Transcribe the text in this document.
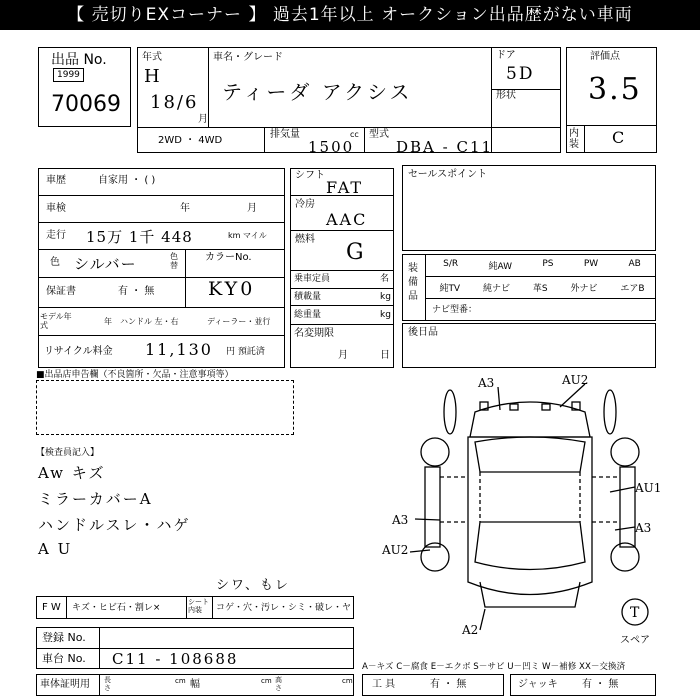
【 売切りEXコーナー 】 過去1年以上 オークション出品歴がない車両
出品 No.
1999
70069
年式
H
18/6
月
車名・グレード
ティーダ アクシス
ドア
5D
形状
2WD ・ 4WD
排気量	cc
1500
型式
DBA - C11
評価点
3.5
内装 C
車歴	自家用 ・ ( )
車検	年	月
走行 15万 1千 448	km マイル
色 シルバー	色替
カラーNo.
KY0
保証書	有 ・ 無
モデル年式	年 ハンドル 左・右	ディーラー・並行
リサイクル料金 11,130 円 預託済
シフト
FAT
冷房
AAC
燃料
G
乗車定員	名
積載量	kg
総重量	kg
名変期限
月	日
セールスポイント
装備品
S/R	純AW	PS	PW	AB
純TV	純ナビ	革S	外ナビ	エアB
ナビ型番：
後日品
■出品店申告欄（不良箇所・欠品・注意事項等）
【検査員記入】
Aw キズ
ミラーカバーA
ハンドルスレ・ハゲ
A U
A3	AU2
AU1
A3
A3
AU2
A2
T
スペア
シワ、もレ
F W キズ・ヒビ石・割レ×
シート内装	コゲ・穴・汚レ・シミ・破レ・ヤ
登録 No.
車台 No. C11 - 108688
車体証明用 長さ
cm 幅	cm 高さ
cm
A－キズ C－腐食 E－エクボ S－サビ U－凹ミ W－補修 XX－交換済
工 具	有 ・ 無	ジャッキ 有 ・ 無
